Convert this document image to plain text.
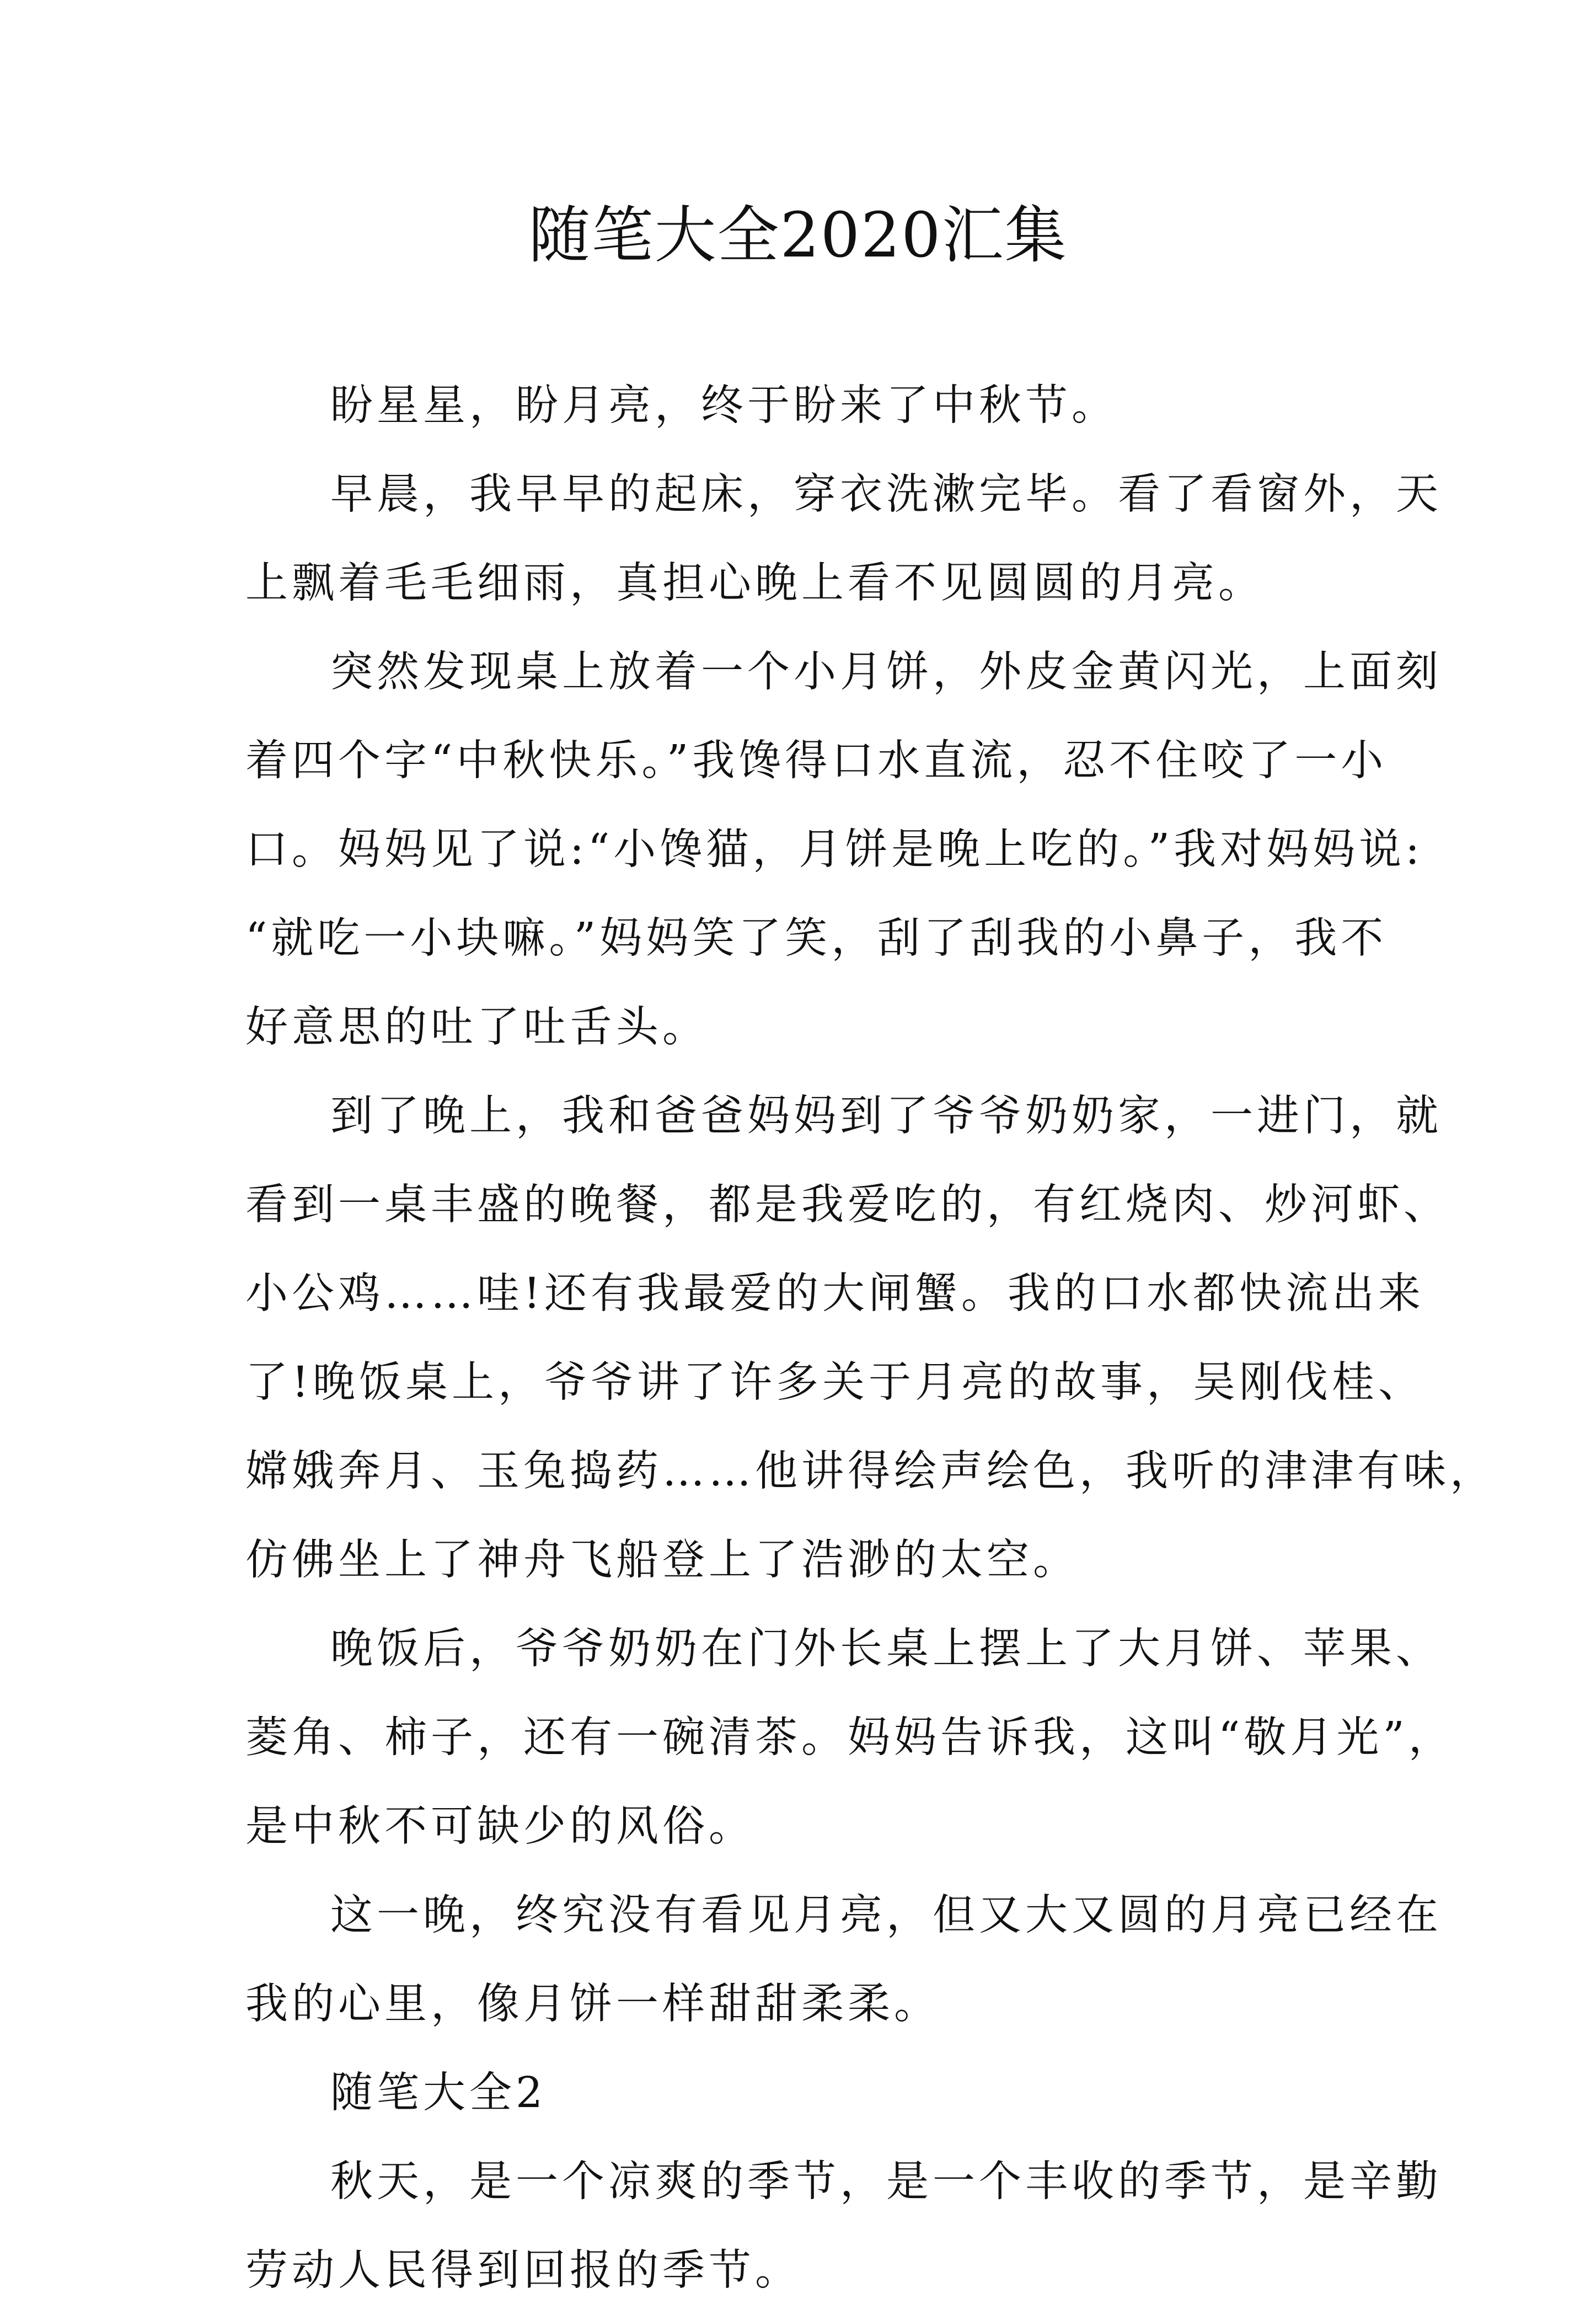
随笔大全2020汇集

盼星星，盼月亮，终于盼来了中秋节。

早晨，我早早的起床，穿衣洗漱完毕。看了看窗外，天
上飘着毛毛细雨，真担心晚上看不见圆圆的月亮。

突然发现桌上放着一个小月饼，外皮金黄闪光，上面刻
着四个字“中秋快乐。”我馋得口水直流，忍不住咬了一小
口。妈妈见了说:“小馋猫，月饼是晚上吃的。”我对妈妈说:
“就吃一小块嘛。”妈妈笑了笑，刮了刮我的小鼻子，我不
好意思的吐了吐舌头。

到了晚上，我和爸爸妈妈到了爷爷奶奶家，一进门，就
看到一桌丰盛的晚餐，都是我爱吃的，有红烧肉、炒河虾、
小公鸡……哇!还有我最爱的大闸蟹。我的口水都快流出来
了!晚饭桌上，爷爷讲了许多关于月亮的故事，吴刚伐桂、
嫦娥奔月、玉兔捣药……他讲得绘声绘色，我听的津津有味，
仿佛坐上了神舟飞船登上了浩渺的太空。

晚饭后，爷爷奶奶在门外长桌上摆上了大月饼、苹果、
菱角、柿子，还有一碗清茶。妈妈告诉我，这叫“敬月光”，
是中秋不可缺少的风俗。

这一晚，终究没有看见月亮，但又大又圆的月亮已经在
我的心里，像月饼一样甜甜柔柔。

随笔大全2

秋天，是一个凉爽的季节，是一个丰收的季节，是辛勤
劳动人民得到回报的季节。
